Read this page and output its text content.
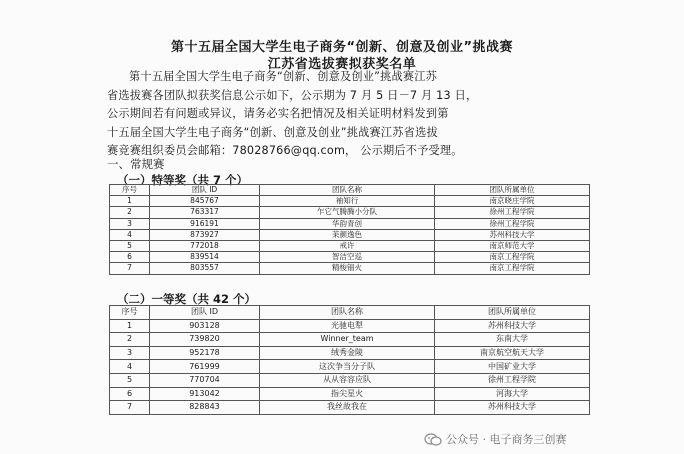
第十五届全国大学生电子商务“创新、创意及创业”挑战赛
江苏省选拔赛拟获奖名单
第十五届全国大学生电子商务“创新、创意及创业”挑战赛江苏
省选拔赛各团队拟获奖信息公示如下，公示期为 7 月 5 日－7 月 13 日，
公示期间若有问题或异议，请务必实名把情况及相关证明材料发到第
十五届全国大学生电子商务“创新、创意及创业”挑战赛江苏省选拔
赛竞赛组织委员会邮箱：78028766@qq.com， 公示期后不予受理。
一、常规赛
（一）特等奖（共 7 个）
序号	团队 ID	团队名称	团队所属单位
1	845767	袖知行	南京晓庄学院
2	763317	乍它气腾腾小分队	徐州工程学院
3	916191	华韵青创	徐州工程学院
4	873927	苿颜逸色	苏州科技大学
5	772018	戒许	南京师范大学
6	839514	智洁空巡	南京工程学院
7	803557	精梭钿火	南京工程学院
（二）一等奖（共 42 个）
序号	团队 ID	团队名称	团队所属单位
1	903128	光驰电犁	苏州科技大学
2	739820	Winner_team	东南大学
3	952178	绒秀金陵	南京航空航天大学
4	761999	这次争当分子队	中国矿业大学
5	770704	从从容容应队	徐州工程学院
6	913042	指尖星火	河海大学
7	828843	我丝故我在	苏州科技大学
公众号 · 电子商务三创赛
